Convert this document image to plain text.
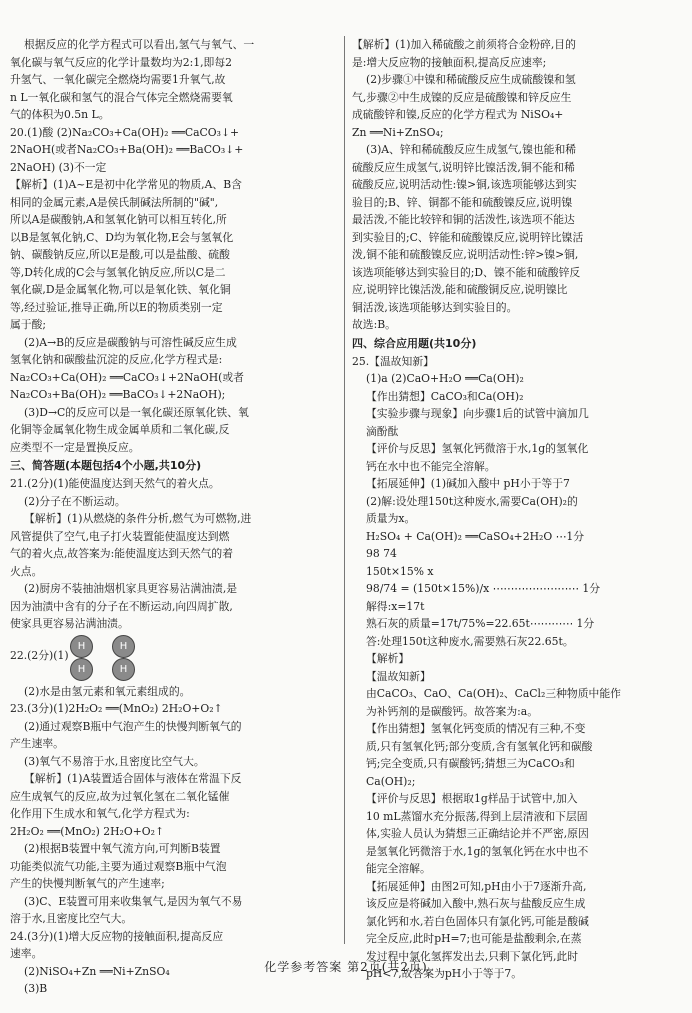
根据反应的化学方程式可以看出,氢气与氧气、一
氧化碳与氧气反应的化学计量数均为2:1,即每2
升氢气、一氧化碳完全燃烧均需要1升氧气,故
n L一氧化碳和氢气的混合气体完全燃烧需要氧
气的体积为0.5n L。
20.(1)酸 (2)Na₂CO₃+Ca(OH)₂ ══CaCO₃↓+
2NaOH(或者Na₂CO₃+Ba(OH)₂ ══BaCO₃↓+
2NaOH) (3)不一定
【解析】(1)A~E是初中化学常见的物质,A、B含
相同的金属元素,A是侯氏制碱法所制的"碱",
所以A是碳酸钠,A和氢氧化钠可以相互转化,所
以B是氢氧化钠,C、D均为氧化物,E会与氢氧化
钠、碳酸钠反应,所以E是酸,可以是盐酸、硫酸
等,D转化成的C会与氢氧化钠反应,所以C是二
氧化碳,D是金属氧化物,可以是氧化铁、氧化铜
等,经过验证,推导正确,所以E的物质类别一定
属于酸;
(2)A→B的反应是碳酸钠与可溶性碱反应生成
氢氧化钠和碳酸盐沉淀的反应,化学方程式是:
Na₂CO₃+Ca(OH)₂ ══CaCO₃↓+2NaOH(或者
Na₂CO₃+Ba(OH)₂ ══BaCO₃↓+2NaOH);
(3)D→C的反应可以是一氧化碳还原氧化铁、氧
化铜等金属氧化物生成金属单质和二氧化碳,反
应类型不一定是置换反应。
三、简答题(本题包括4个小题,共10分)
21.(2分)(1)能使温度达到天然气的着火点。
(2)分子在不断运动。
【解析】(1)从燃烧的条件分析,燃气为可燃物,进
风管提供了空气,电子打火装置能使温度达到燃
气的着火点,故答案为:能使温度达到天然气的着
火点。
(2)厨房不装抽油烟机家具更容易沾满油渍,是
因为油渍中含有的分子在不断运动,向四周扩散,
使家具更容易沾满油渍。
22.(2分)(1)
H
H
H
H
(2)水是由氢元素和氧元素组成的。
23.(3分)(1)2H₂O₂ ══(MnO₂) 2H₂O+O₂↑
(2)通过观察B瓶中气泡产生的快慢判断氧气的
产生速率。
(3)氧气不易溶于水,且密度比空气大。
【解析】(1)A装置适合固体与液体在常温下反
应生成氧气的反应,故为过氧化氢在二氧化锰催
化作用下生成水和氧气,化学方程式为:
2H₂O₂ ══(MnO₂) 2H₂O+O₂↑
(2)根据B装置中氧气流方向,可判断B装置
功能类似流气功能,主要为通过观察B瓶中气泡
产生的快慢判断氧气的产生速率;
(3)C、E装置可用来收集氧气,是因为氧气不易
溶于水,且密度比空气大。
24.(3分)(1)增大反应物的接触面积,提高反应
速率。
(2)NiSO₄+Zn ══Ni+ZnSO₄
(3)B
【解析】(1)加入稀硫酸之前须将合金粉碎,目的
是:增大反应物的接触面积,提高反应速率;
(2)步骤①中镍和稀硫酸反应生成硫酸镍和氢
气,步骤②中生成镍的反应是硫酸镍和锌反应生
成硫酸锌和镍,反应的化学方程式为 NiSO₄+
Zn ══Ni+ZnSO₄;
(3)A、锌和稀硫酸反应生成氢气,镍也能和稀
硫酸反应生成氢气,说明锌比镍活泼,铜不能和稀
硫酸反应,说明活动性:镍>铜,该选项能够达到实
验目的;B、锌、铜都不能和硫酸镍反应,说明镍
最活泼,不能比较锌和铜的活泼性,该选项不能达
到实验目的;C、锌能和硫酸镍反应,说明锌比镍活
泼,铜不能和硫酸镍反应,说明活动性:锌>镍>铜,
该选项能够达到实验目的;D、镍不能和硫酸锌反
应,说明锌比镍活泼,能和硫酸铜反应,说明镍比
铜活泼,该选项能够达到实验目的。
故选:B。
四、综合应用题(共10分)
25.【温故知新】
(1)a (2)CaO+H₂O ══Ca(OH)₂
【作出猜想】CaCO₃和Ca(OH)₂
【实验步骤与现象】向步骤1后的试管中滴加几
滴酚酞
【评价与反思】氢氧化钙微溶于水,1g的氢氧化
钙在水中也不能完全溶解。
【拓展延伸】(1)碱加入酸中 pH小于等于7
(2)解:设处理150t这种废水,需要Ca(OH)₂的
质量为x。
H₂SO₄ + Ca(OH)₂ ══CaSO₄+2H₂O ⋯1分
98 74
150t×15% x
98/74 = (150t×15%)/x ⋯⋯⋯⋯⋯⋯⋯⋯ 1分
解得:x=17t
熟石灰的质量=17t/75%=22.65t⋯⋯⋯⋯ 1分
答:处理150t这种废水,需要熟石灰22.65t。
【解析】
【温故知新】
由CaCO₃、CaO、Ca(OH)₂、CaCl₂三种物质中能作
为补钙剂的是碳酸钙。故答案为:a。
【作出猜想】氢氧化钙变质的情况有三种,不变
质,只有氢氧化钙;部分变质,含有氢氧化钙和碳酸
钙;完全变质,只有碳酸钙;猜想三为CaCO₃和
Ca(OH)₂;
【评价与反思】根据取1g样品于试管中,加入
10 mL蒸馏水充分振荡,得到上层清液和下层固
体,实验人员认为猜想三正确结论并不严密,原因
是氢氧化钙微溶于水,1g的氢氧化钙在水中也不
能完全溶解。
【拓展延伸】由图2可知,pH由小于7逐渐升高,
该反应是将碱加入酸中,熟石灰与盐酸反应生成
氯化钙和水,若白色固体只有氯化钙,可能是酸碱
完全反应,此时pH=7;也可能是盐酸剩余,在蒸
发过程中氯化氢挥发出去,只剩下氯化钙,此时
pH<7,故答案为pH小于等于7。
化学参考答案 第2页(共2页)
